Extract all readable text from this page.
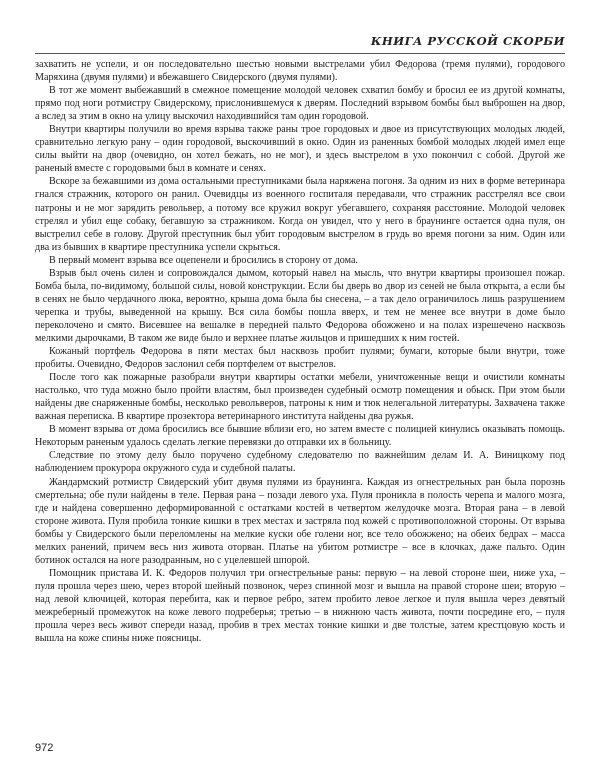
КНИГА РУССКОЙ СКОРБИ

захватить не успели, и он последовательно шестью новыми выстрелами убил Федорова (тремя пулями), городового Маряхина (двумя пулями) и вбежавшего Свидерского (двумя пулями).

В тот же момент выбежавший в смежное помещение молодой человек схватил бомбу и бросил ее из другой комнаты, прямо под ноги ротмистру Свидерскому, прислонившемуся к дверям. Последний взрывом бомбы был выброшен на двор, а вслед за этим в окно на улицу выскочил находившийся там один городовой.

Внутри квартиры получили во время взрыва также раны трое городовых и двое из присутствующих молодых людей, сравнительно легкую рану – один городовой, выскочивший в окно. Один из раненных бомбой молодых людей имел еще силы выйти на двор (очевидно, он хотел бежать, но не мог), и здесь выстрелом в ухо покончил с собой. Другой же раненый вместе с городовыми был в комнате и сенях.

Вскоре за бежавшими из дома остальными преступниками была наряжена погоня. За одним из них в форме ветеринара гнался стражник, которого он ранил. Очевидцы из военного госпиталя передавали, что стражник расстрелял все свои патроны и не мог зарядить револьвер, а потому все кружил вокруг убегавшего, сохраняя расстояние. Молодой человек стрелял и убил еще собаку, бегавшую за стражником. Когда он увидел, что у него в браунинге остается одна пуля, он выстрелил себе в голову. Другой преступник был убит городовым выстрелом в грудь во время погони за ним. Один или два из бывших в квартире преступника успели скрыться.

В первый момент взрыва все оцепенели и бросились в сторону от дома.

Взрыв был очень силен и сопровождался дымом, который навел на мысль, что внутри квартиры произошел пожар. Бомба была, по-видимому, большой силы, новой конструкции. Если бы дверь во двор из сеней не была открыта, а если бы в сенях не было чердачного люка, вероятно, крыша дома была бы снесена, – а так дело ограничилось лишь разрушением черепка и трубы, выведенной на крышу. Вся сила бомбы пошла вверх, и тем не менее все внутри в доме было переколочено и смято. Висевшее на вешалке в передней пальто Федорова обожжено и на полах изрешечено насквозь мелкими дырочками, В таком же виде было и верхнее платье жильцов и пришедших к ним гостей.

Кожаный портфель Федорова в пяти местах был насквозь пробит пулями; бумаги, которые были внутри, тоже пробиты. Очевидно, Федоров заслонил себя портфелем от выстрелов.

После того как пожарные разобрали внутри квартиры остатки мебели, уничтоженные вещи и очистили комнаты настолько, что туда можно было пройти властям, был произведен судебный осмотр помещения и обыск. При этом были найдены две снаряженные бомбы, несколько револьверов, патроны к ним и тюк нелегальной литературы. Захвачена также важная переписка. В квартире прозектора ветеринарного института найдены два ружья.

В момент взрыва от дома бросились все бывшие вблизи его, но затем вместе с полицией кинулись оказывать помощь. Некоторым раненым удалось сделать легкие перевязки до отправки их в больницу.

Следствие по этому делу было поручено судебному следователю по важнейшим делам И. А. Виницкому под наблюдением прокурора окружного суда и судебной палаты.

Жандармский ротмистр Свидерский убит двумя пулями из браунинга. Каждая из огнестрельных ран была порознь смертельна; обе пули найдены в теле. Первая рана – позади левого уха. Пуля проникла в полость черепа и малого мозга, где и найдена совершенно деформированной с остатками костей в четвертом желудочке мозга. Вторая рана – в левой стороне живота. Пуля пробила тонкие кишки в трех местах и застряла под кожей с противоположной стороны. От взрыва бомбы у Свидерского были переломлены на мелкие куски обе голени ног, все тело обожжено; на обеих бедрах – масса мелких ранений, причем весь низ живота оторван. Платье на убитом ротмистре – все в клочках, даже пальто. Один ботинок остался на ноге разодранным, но с уцелевшей шпорой.

Помощник пристава И. К. Федоров получил три огнестрельные раны: первую – на левой стороне шеи, ниже уха, – пуля прошла через шею, через второй шейный позвонок, через спинной мозг и вышла на правой стороне шеи; вторую – над левой ключицей, которая перебита, как и первое ребро, затем пробито левое легкое и пуля вышла через девятый межреберный промежуток на коже левого подреберья; третью – в нижнюю часть живота, почти посредине его, – пуля прошла через весь живот спереди назад, пробив в трех местах тонкие кишки и две толстые, затем крестцовую кость и вышла на коже спины ниже поясницы.

972
